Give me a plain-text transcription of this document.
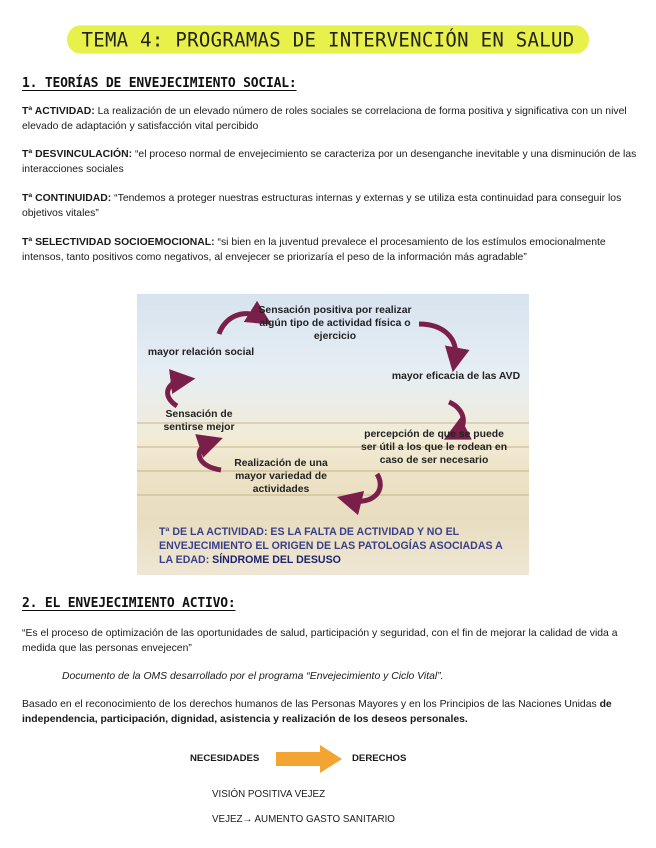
TEMA 4: PROGRAMAS DE INTERVENCIÓN EN SALUD
1. TEORÍAS DE ENVEJECIMIENTO SOCIAL:
Tª ACTIVIDAD: La realización de un elevado número de roles sociales se correlaciona de forma positiva y significativa con un nivel elevado de adaptación y satisfacción vital percibido
Tª DESVINCULACIÓN: “el proceso normal de envejecimiento se caracteriza por un desenganche inevitable y una disminución de las interacciones sociales
Tª CONTINUIDAD: “Tendemos a proteger nuestras estructuras internas y externas y se utiliza esta continuidad para conseguir los objetivos vitales”
Tª SELECTIVIDAD SOCIOEMOCIONAL: “si bien en la juventud prevalece el procesamiento de los estímulos emocionalmente intensos, tanto positivos como negativos, al envejecer se priorizaría el peso de la información más agradable”
Sensación positiva por realizar algún tipo de actividad física o ejercicio
mayor eficacia de las AVD
percepción de que se puede ser útil a los que le rodean en caso de ser necesario
Realización de una mayor variedad de actividades
Sensación de sentirse mejor
mayor relación social
Tª DE LA ACTIVIDAD: ES LA FALTA DE ACTIVIDAD Y NO EL ENVEJECIMIENTO EL ORIGEN DE LAS PATOLOGÍAS ASOCIADAS A LA EDAD: SÍNDROME DEL DESUSO
2. EL ENVEJECIMIENTO ACTIVO:
“Es el proceso de optimización de las oportunidades de salud, participación y seguridad, con el fin de mejorar la calidad de vida a medida que las personas envejecen”
Documento de la OMS desarrollado por el programa “Envejecimiento y Ciclo Vital”.
Basado en el reconocimiento de los derechos humanos de las Personas Mayores y en los Principios de las Naciones Unidas de independencia, participación, dignidad, asistencia y realización de los deseos personales.
NECESIDADES	DERECHOS
VISIÓN POSITIVA VEJEZ
VEJEZ→ AUMENTO GASTO SANITARIO
